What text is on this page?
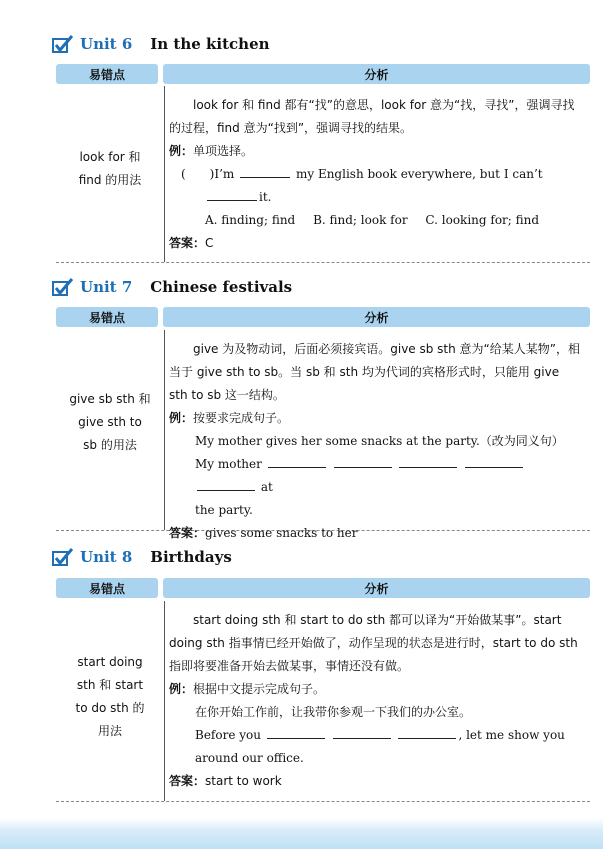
Unit 6 In the kitchen
易错点	分析
look for 和
find 的用法
look for 和 find 都有“找”的意思，look for 意为“找，寻找”，强调寻找的过程，find 意为“找到”，强调寻找的结果。
例：单项选择。
(　　)I’m	my English book everywhere, but I can’t
it.
A. finding; find B. find; look for C. looking for; find
答案：C
Unit 7 Chinese festivals
易错点	分析
give sb sth 和
give sth to
sb 的用法
give 为及物动词，后面必须接宾语。give sb sth 意为“给某人某物”，相当于 give sth to sb。当 sb 和 sth 均为代词的宾格形式时，只能用 give sth to sb 这一结构。
例：按要求完成句子。
My mother gives her some snacks at the party.（改为同义句）
My mother      at
the party.
答案：gives some snacks to her
Unit 8 Birthdays
易错点	分析
start doing
sth 和 start
to do sth 的
用法
start doing sth 和 start to do sth 都可以译为“开始做某事”。start doing sth 指事情已经开始做了，动作呈现的状态是进行时，start to do sth 指即将要准备开始去做某事，事情还没有做。
例：根据中文提示完成句子。
在你开始工作前，让我带你参观一下我们的办公室。
Before you	, let me show you
around our office.
答案：start to work
